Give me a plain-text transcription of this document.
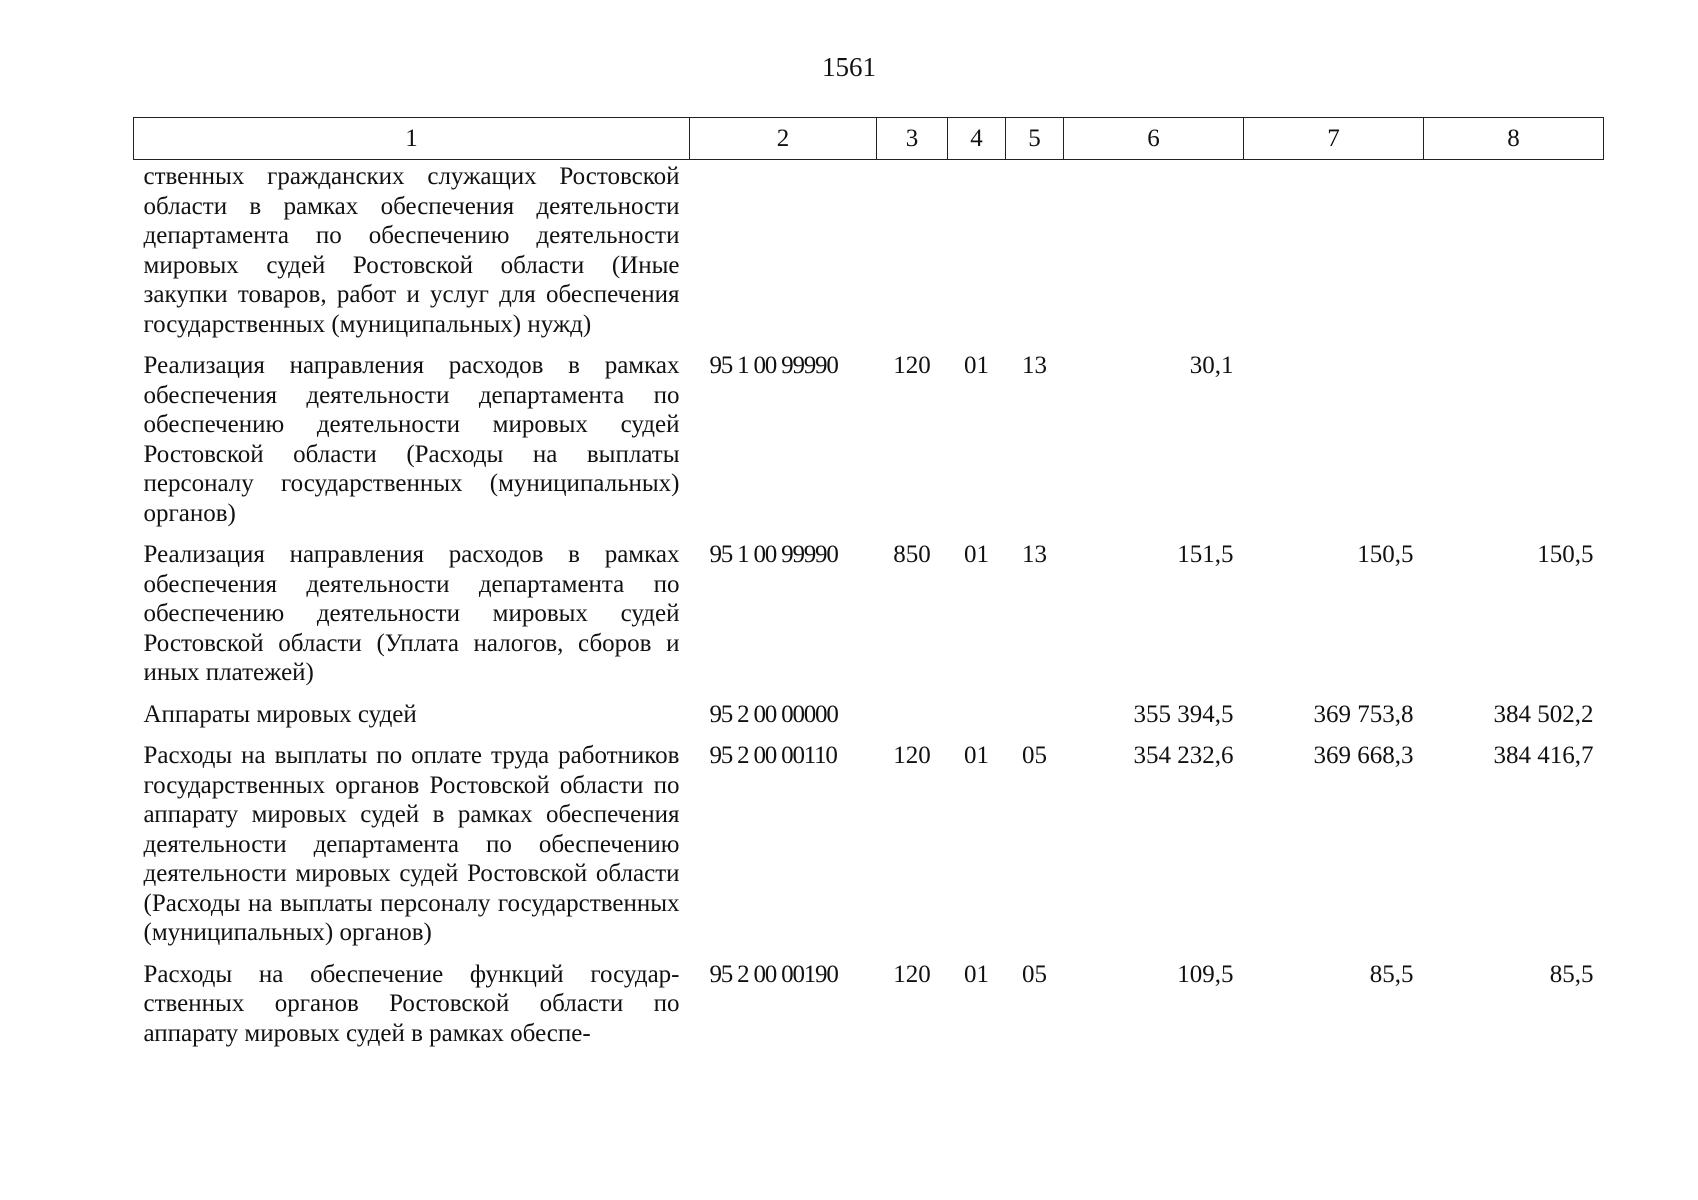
1561
1	2	3	4	5	6	7	8
ственных гражданских служащих Ростовской области в рамках обеспечения деятельности департамента по обеспечению деятельности мировых судей Ростовской области (Иные закупки товаров, работ и услуг для обеспечения государственных (муниципальных) нужд)							
Реализация направления расходов в рамках обеспечения деятельности департамента по обеспечению деятельности мировых судей Ростовской области (Расходы на выплаты персоналу государственных (муниципальных) органов)	95 1 00 99990	120	01	13	30,1		
Реализация направления расходов в рамках обеспечения деятельности департамента по обеспечению деятельности мировых судей Ростовской области (Уплата налогов, сборов и иных платежей)	95 1 00 99990	850	01	13	151,5	150,5	150,5
Аппараты мировых судей	95 2 00 00000				355 394,5	369 753,8	384 502,2
Расходы на выплаты по оплате труда работников государственных органов Ростовской области по аппарату мировых судей в рамках обеспечения деятельности департамента по обеспечению деятельности мировых судей Ростовской области (Расходы на выплаты персоналу государственных (муниципальных) органов)	95 2 00 00110	120	01	05	354 232,6	369 668,3	384 416,7
Расходы на обеспечение функций государственных органов Ростовской области по аппарату мировых судей в рамках обеспе-	95 2 00 00190	120	01	05	109,5	85,5	85,5
